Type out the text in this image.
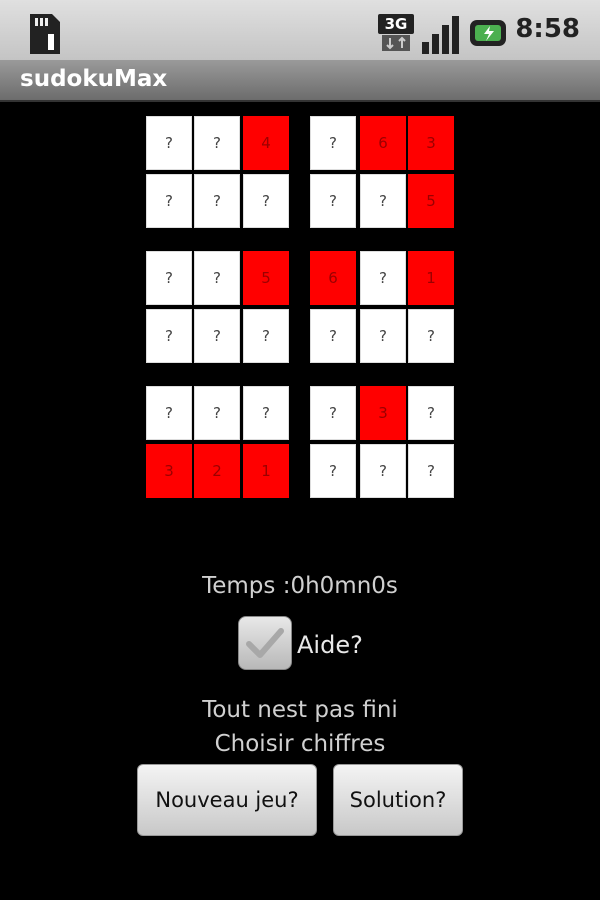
3G	8:58
sudokuMax
?	?	4
?	?	?
?	6	3
?	?	5
?	?	5
?	?	?
6	?	1
?	?	?
?	?	?
3	2	1
?	3	?
?	?	?
Temps :0h0mn0s
Aide?
Tout nest pas fini
Choisir chiffres
Nouveau jeu?	Solution?
